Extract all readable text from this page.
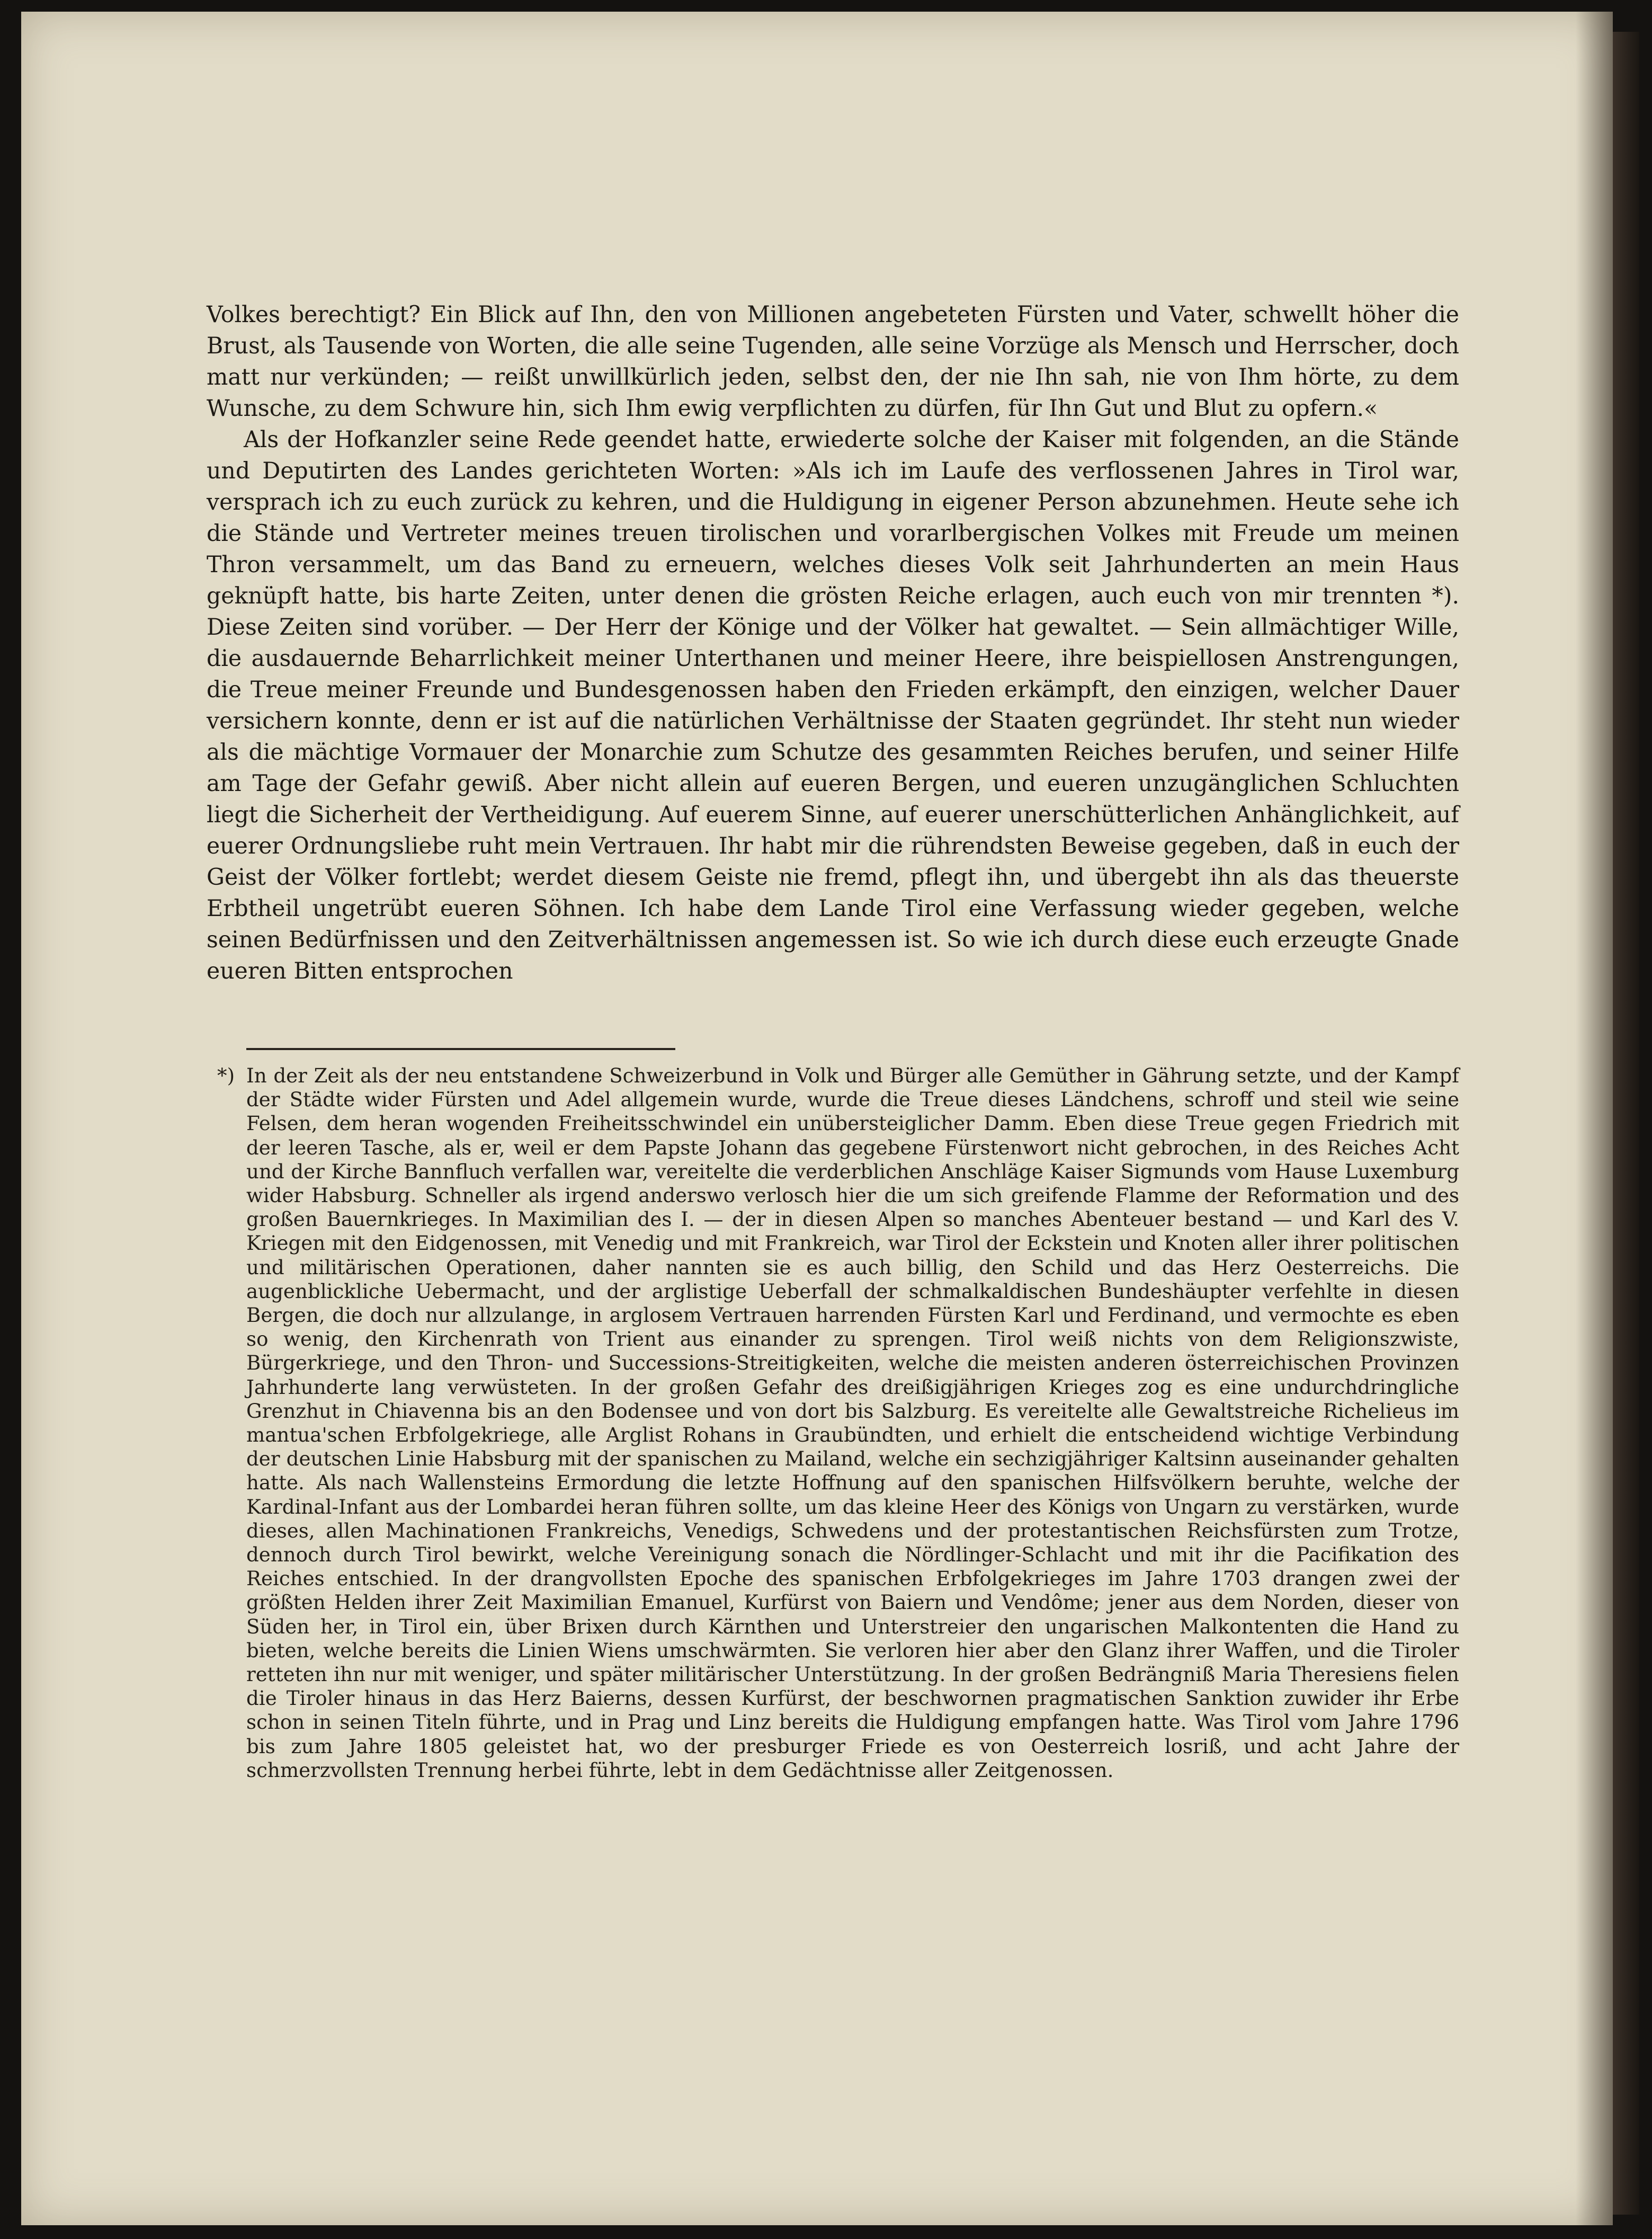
Volkes berechtigt? Ein Blick auf Ihn, den von Millionen angebeteten Fürsten und Vater, schwellt höher die Brust, als Tausende von Worten, die alle seine Tugenden, alle seine Vorzüge als Mensch und Herrscher, doch matt nur verkünden; — reißt unwillkürlich jeden, selbst den, der nie Ihn sah, nie von Ihm hörte, zu dem Wunsche, zu dem Schwure hin, sich Ihm ewig verpflichten zu dürfen, für Ihn Gut und Blut zu opfern.«

Als der Hofkanzler seine Rede geendet hatte, erwiederte solche der Kaiser mit folgenden, an die Stände und Deputirten des Landes gerichteten Worten: »Als ich im Laufe des verflossenen Jahres in Tirol war, versprach ich zu euch zurück zu kehren, und die Huldigung in eigener Person abzunehmen. Heute sehe ich die Stände und Vertreter meines treuen tirolischen und vorarlbergischen Volkes mit Freude um meinen Thron versammelt, um das Band zu erneuern, welches dieses Volk seit Jahrhunderten an mein Haus geknüpft hatte, bis harte Zeiten, unter denen die grösten Reiche erlagen, auch euch von mir trennten *). Diese Zeiten sind vorüber. — Der Herr der Könige und der Völker hat gewaltet. — Sein allmächtiger Wille, die ausdauernde Beharrlichkeit meiner Unterthanen und meiner Heere, ihre beispiellosen Anstrengungen, die Treue meiner Freunde und Bundesgenossen haben den Frieden erkämpft, den einzigen, welcher Dauer versichern konnte, denn er ist auf die natürlichen Verhältnisse der Staaten gegründet. Ihr steht nun wieder als die mächtige Vormauer der Monarchie zum Schutze des gesammten Reiches berufen, und seiner Hilfe am Tage der Gefahr gewiß. Aber nicht allein auf eueren Bergen, und eueren unzugänglichen Schluchten liegt die Sicherheit der Vertheidigung. Auf euerem Sinne, auf euerer unerschütterlichen Anhänglichkeit, auf euerer Ordnungsliebe ruht mein Vertrauen. Ihr habt mir die rührendsten Beweise gegeben, daß in euch der Geist der Völker fortlebt; werdet diesem Geiste nie fremd, pflegt ihn, und übergebt ihn als das theuerste Erbtheil ungetrübt eueren Söhnen. Ich habe dem Lande Tirol eine Verfassung wieder gegeben, welche seinen Bedürfnissen und den Zeitverhältnissen angemessen ist. So wie ich durch diese euch erzeugte Gnade eueren Bitten entsprochen

*) In der Zeit als der neu entstandene Schweizerbund in Volk und Bürger alle Gemüther in Gährung setzte, und der Kampf der Städte wider Fürsten und Adel allgemein wurde, wurde die Treue dieses Ländchens, schroff und steil wie seine Felsen, dem heran wogenden Freiheitsschwindel ein unübersteiglicher Damm. Eben diese Treue gegen Friedrich mit der leeren Tasche, als er, weil er dem Papste Johann das gegebene Fürstenwort nicht gebrochen, in des Reiches Acht und der Kirche Bannfluch verfallen war, vereitelte die verderblichen Anschläge Kaiser Sigmunds vom Hause Luxemburg wider Habsburg. Schneller als irgend anderswo verlosch hier die um sich greifende Flamme der Reformation und des großen Bauernkrieges. In Maximilian des I. — der in diesen Alpen so manches Abenteuer bestand — und Karl des V. Kriegen mit den Eidgenossen, mit Venedig und mit Frankreich, war Tirol der Eckstein und Knoten aller ihrer politischen und militärischen Operationen, daher nannten sie es auch billig, den Schild und das Herz Oesterreichs. Die augenblickliche Uebermacht, und der arglistige Ueberfall der schmalkaldischen Bundeshäupter verfehlte in diesen Bergen, die doch nur allzulange, in arglosem Vertrauen harrenden Fürsten Karl und Ferdinand, und vermochte es eben so wenig, den Kirchenrath von Trient aus einander zu sprengen. Tirol weiß nichts von dem Religionszwiste, Bürgerkriege, und den Thron- und Successions-Streitigkeiten, welche die meisten anderen österreichischen Provinzen Jahrhunderte lang verwüsteten. In der großen Gefahr des dreißigjährigen Krieges zog es eine undurchdringliche Grenzhut in Chiavenna bis an den Bodensee und von dort bis Salzburg. Es vereitelte alle Gewaltstreiche Richelieus im mantua'schen Erbfolgekriege, alle Arglist Rohans in Graubündten, und erhielt die entscheidend wichtige Verbindung der deutschen Linie Habsburg mit der spanischen zu Mailand, welche ein sechzigjähriger Kaltsinn auseinander gehalten hatte. Als nach Wallensteins Ermordung die letzte Hoffnung auf den spanischen Hilfsvölkern beruhte, welche der Kardinal-Infant aus der Lombardei heran führen sollte, um das kleine Heer des Königs von Ungarn zu verstärken, wurde dieses, allen Machinationen Frankreichs, Venedigs, Schwedens und der protestantischen Reichsfürsten zum Trotze, dennoch durch Tirol bewirkt, welche Vereinigung sonach die Nördlinger-Schlacht und mit ihr die Pacifikation des Reiches entschied. In der drangvollsten Epoche des spanischen Erbfolgekrieges im Jahre 1703 drangen zwei der größten Helden ihrer Zeit Maximilian Emanuel, Kurfürst von Baiern und Vendôme; jener aus dem Norden, dieser von Süden her, in Tirol ein, über Brixen durch Kärnthen und Unterstreier den ungarischen Malkontenten die Hand zu bieten, welche bereits die Linien Wiens umschwärmten. Sie verloren hier aber den Glanz ihrer Waffen, und die Tiroler retteten ihn nur mit weniger, und später militärischer Unterstützung. In der großen Bedrängniß Maria Theresiens fielen die Tiroler hinaus in das Herz Baierns, dessen Kurfürst, der beschwornen pragmatischen Sanktion zuwider ihr Erbe schon in seinen Titeln führte, und in Prag und Linz bereits die Huldigung empfangen hatte. Was Tirol vom Jahre 1796 bis zum Jahre 1805 geleistet hat, wo der presburger Friede es von Oesterreich losriß, und acht Jahre der schmerzvollsten Trennung herbei führte, lebt in dem Gedächtnisse aller Zeitgenossen.
